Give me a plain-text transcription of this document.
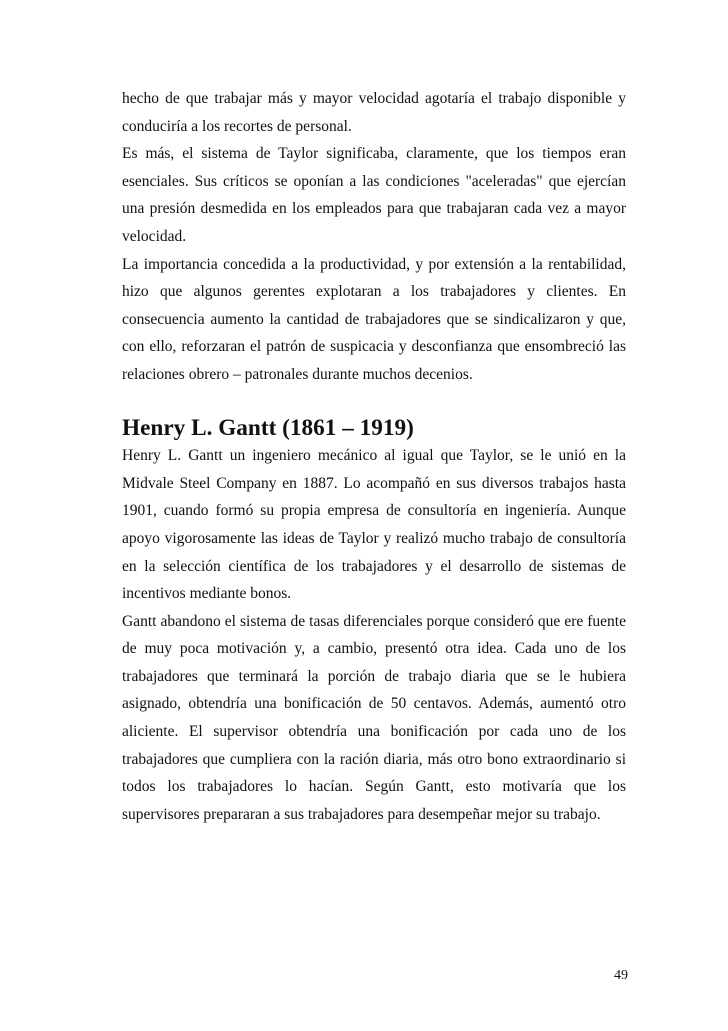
hecho de que trabajar más y mayor velocidad agotaría el trabajo disponible y conduciría a los recortes de personal.

Es más, el sistema de Taylor significaba, claramente, que los tiempos eran esenciales. Sus críticos se oponían a las condiciones "aceleradas" que ejercían una presión desmedida en los empleados para que trabajaran cada vez a mayor velocidad.

La importancia concedida a la productividad, y por extensión a la rentabilidad, hizo que algunos gerentes explotaran a los trabajadores y clientes. En consecuencia aumento la cantidad de trabajadores que se sindicalizaron y que, con ello, reforzaran el patrón de suspicacia y desconfianza que ensombreció las relaciones obrero – patronales durante muchos decenios.

Henry L. Gantt (1861 – 1919)

Henry L. Gantt un ingeniero mecánico al igual que Taylor, se le unió en la Midvale Steel Company en 1887. Lo acompañó en sus diversos trabajos hasta 1901, cuando formó su propia empresa de consultoría en ingeniería. Aunque apoyo vigorosamente las ideas de Taylor y realizó mucho trabajo de consultoría en la selección científica de los trabajadores y el desarrollo de sistemas de incentivos mediante bonos.

Gantt abandono el sistema de tasas diferenciales porque consideró que ere fuente de muy poca motivación y, a cambio, presentó otra idea. Cada uno de los trabajadores que terminará la porción de trabajo diaria que se le hubiera asignado, obtendría una bonificación de 50 centavos. Además, aumentó otro aliciente. El supervisor obtendría una bonificación por cada uno de los trabajadores que cumpliera con la ración diaria, más otro bono extraordinario si todos los trabajadores lo hacían. Según Gantt, esto motivaría que los supervisores prepararan a sus trabajadores para desempeñar mejor su trabajo.

49
